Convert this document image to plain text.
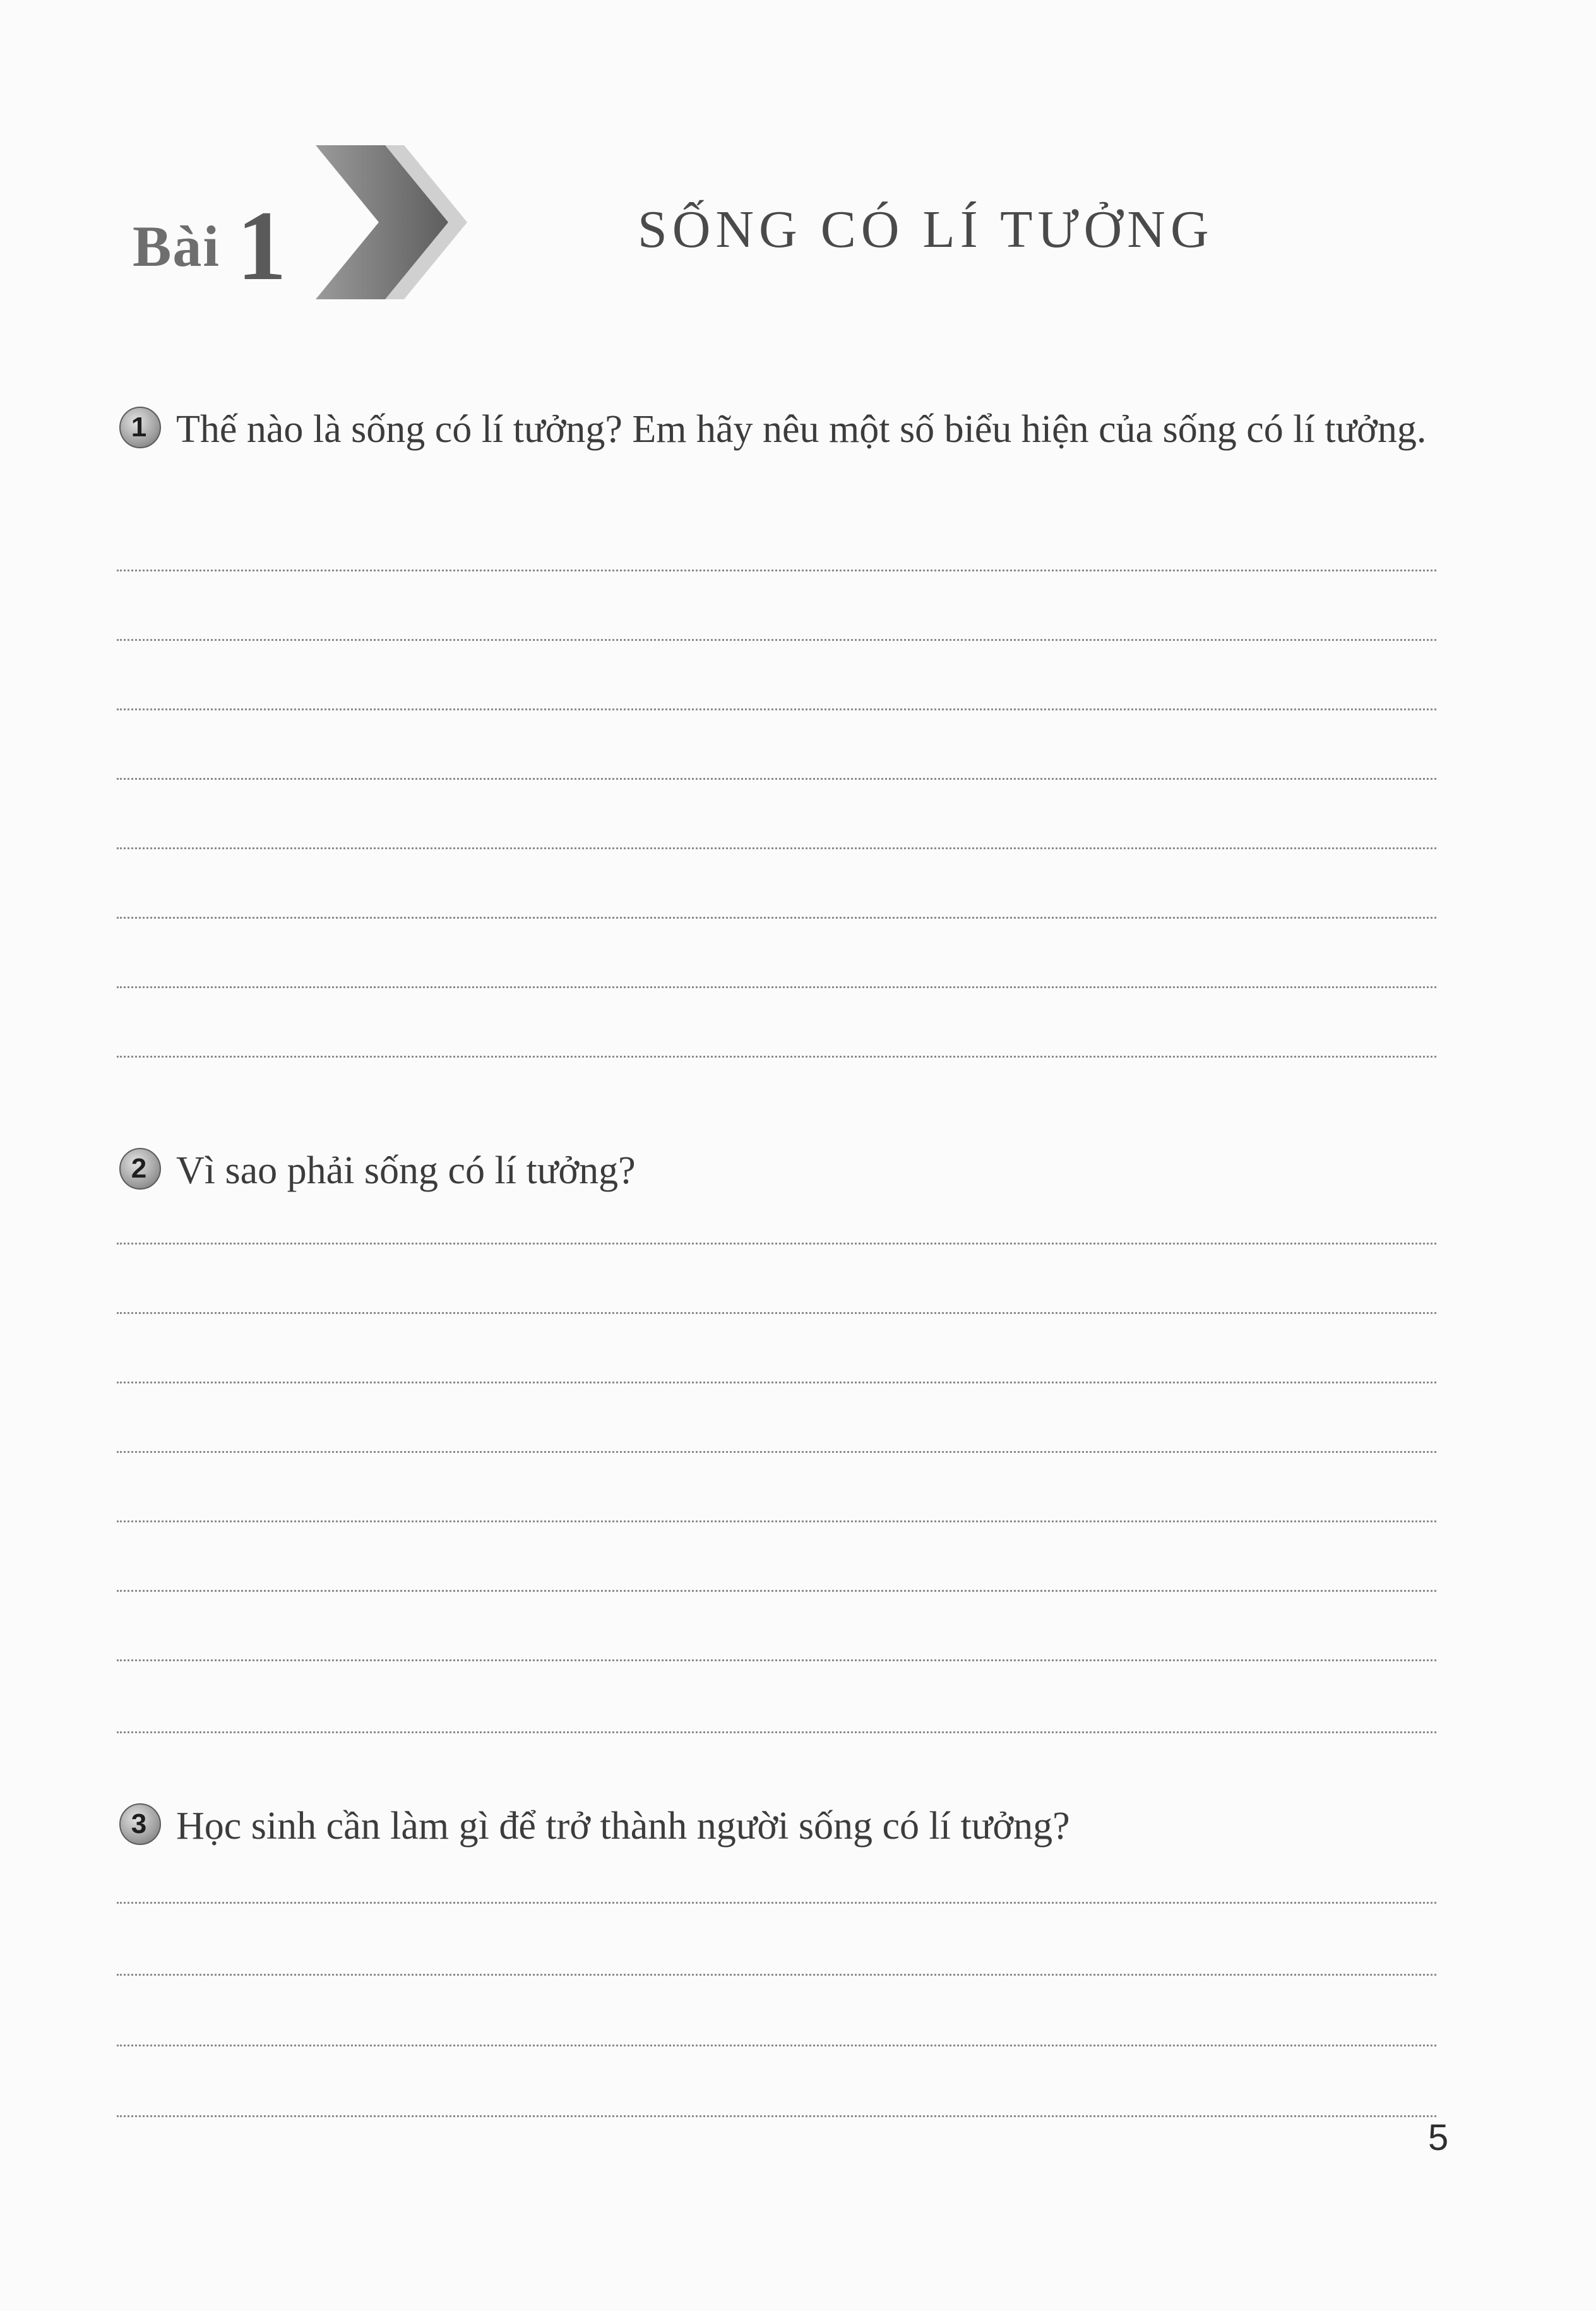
Bài 1	SỐNG CÓ LÍ TƯỞNG
1 Thế nào là sống có lí tưởng? Em hãy nêu một số biểu hiện của sống có lí tưởng.
2 Vì sao phải sống có lí tưởng?
3 Học sinh cần làm gì để trở thành người sống có lí tưởng?
5
